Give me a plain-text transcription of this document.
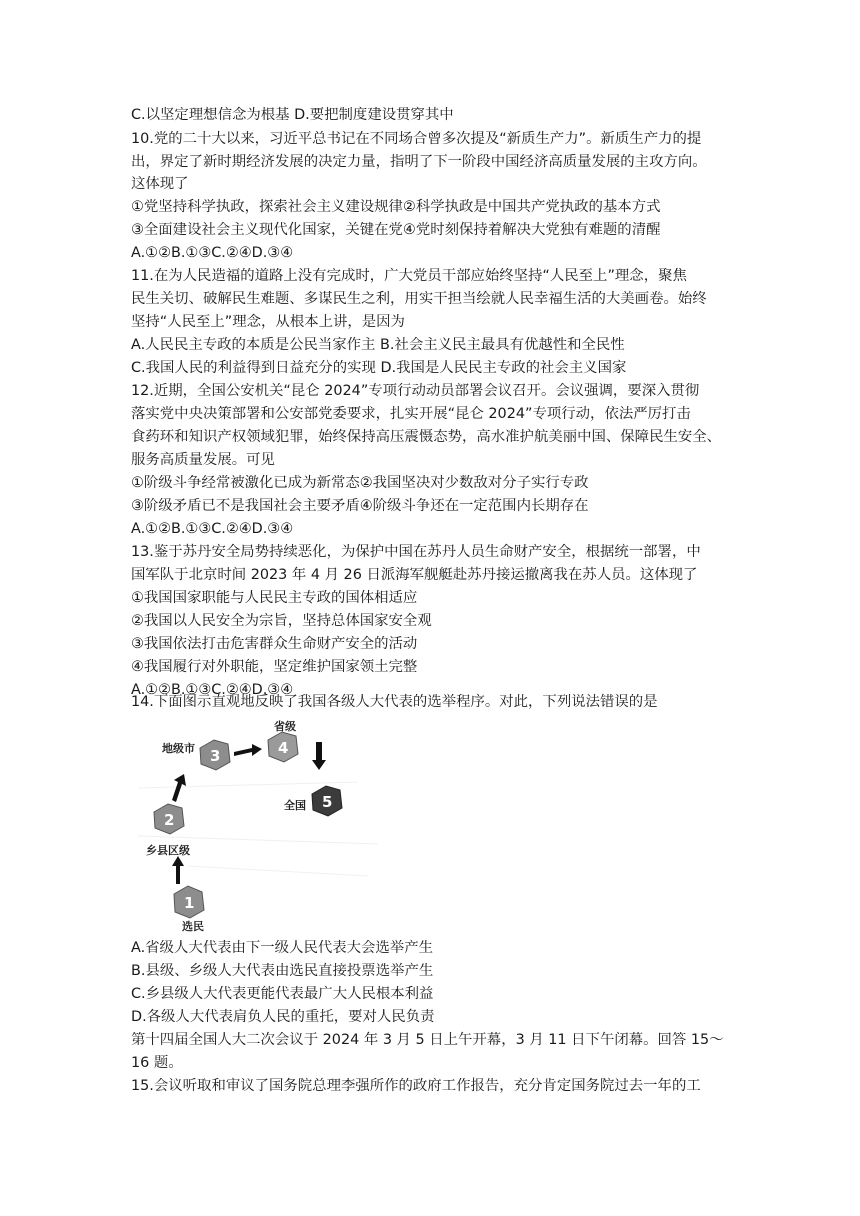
C.以坚定理想信念为根基 D.要把制度建设贯穿其中
10.党的二十大以来，习近平总书记在不同场合曾多次提及“新质生产力”。新质生产力的提
出，界定了新时期经济发展的决定力量，指明了下一阶段中国经济高质量发展的主攻方向。
这体现了
①党坚持科学执政，探索社会主义建设规律②科学执政是中国共产党执政的基本方式
③全面建设社会主义现代化国家，关键在党④党时刻保持着解决大党独有难题的清醒
A.①②B.①③C.②④D.③④
11.在为人民造福的道路上没有完成时，广大党员干部应始终坚持“人民至上”理念，聚焦
民生关切、破解民生难题、多谋民生之利，用实干担当绘就人民幸福生活的大美画卷。始终
坚持“人民至上”理念，从根本上讲，是因为
A.人民民主专政的本质是公民当家作主 B.社会主义民主最具有优越性和全民性
C.我国人民的利益得到日益充分的实现 D.我国是人民民主专政的社会主义国家
12.近期，全国公安机关“昆仑 2024”专项行动动员部署会议召开。会议强调，要深入贯彻
落实党中央决策部署和公安部党委要求，扎实开展“昆仑 2024”专项行动，依法严厉打击
食药环和知识产权领域犯罪，始终保持高压震慑态势，高水准护航美丽中国、保障民生安全、
服务高质量发展。可见
①阶级斗争经常被激化已成为新常态②我国坚决对少数敌对分子实行专政
③阶级矛盾已不是我国社会主要矛盾④阶级斗争还在一定范围内长期存在
A.①②B.①③C.②④D.③④
13.鉴于苏丹安全局势持续恶化，为保护中国在苏丹人员生命财产安全，根据统一部署，中
国军队于北京时间 2023 年 4 月 26 日派海军舰艇赴苏丹接运撤离我在苏人员。这体现了
①我国国家职能与人民民主专政的国体相适应
②我国以人民安全为宗旨，坚持总体国家安全观
③我国依法打击危害群众生命财产安全的活动
④我国履行对外职能，坚定维护国家领土完整
A.①②B.①③C.②④D.③④
14.下面图示直观地反映了我国各级人大代表的选举程序。对此，下列说法错误的是
1
2
3	4
5
选民
乡县区级
地级市
省级
全国
A.省级人大代表由下一级人民代表大会选举产生
B.县级、乡级人大代表由选民直接投票选举产生
C.乡县级人大代表更能代表最广大人民根本利益
D.各级人大代表肩负人民的重托，要对人民负责
第十四届全国人大二次会议于 2024 年 3 月 5 日上午开幕，3 月 11 日下午闭幕。回答 15～
16 题。
15.会议听取和审议了国务院总理李强所作的政府工作报告，充分肯定国务院过去一年的工
